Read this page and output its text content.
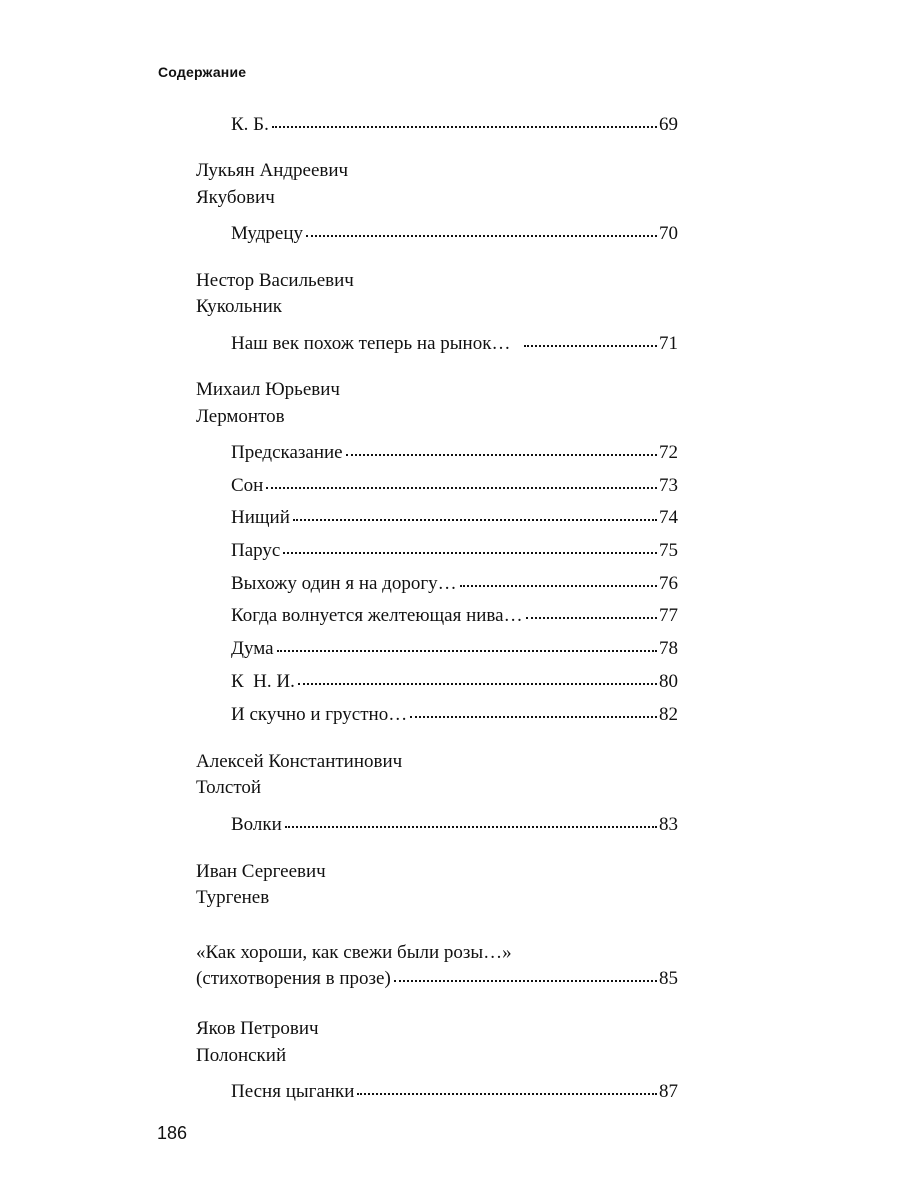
Содержание
К. Б.	69
Лукьян Андреевич
Якубович
Мудрецу	70
Нестор Васильевич
Кукольник
Наш век похож теперь на рынок…	71
Михаил Юрьевич
Лермонтов
Предсказание	72
Сон	73
Нищий	74
Парус	75
Выхожу один я на дорогу…	76
Когда волнуется желтеющая нива…	77
Дума	78
К  Н. И.	80
И скучно и грустно…	82
Алексей Константинович
Толстой
Волки	83
Иван Сергеевич
Тургенев
«Как хороши, как свежи были розы…»
(стихотворения в прозе)	85
Яков Петрович
Полонский
Песня цыганки	87
186
